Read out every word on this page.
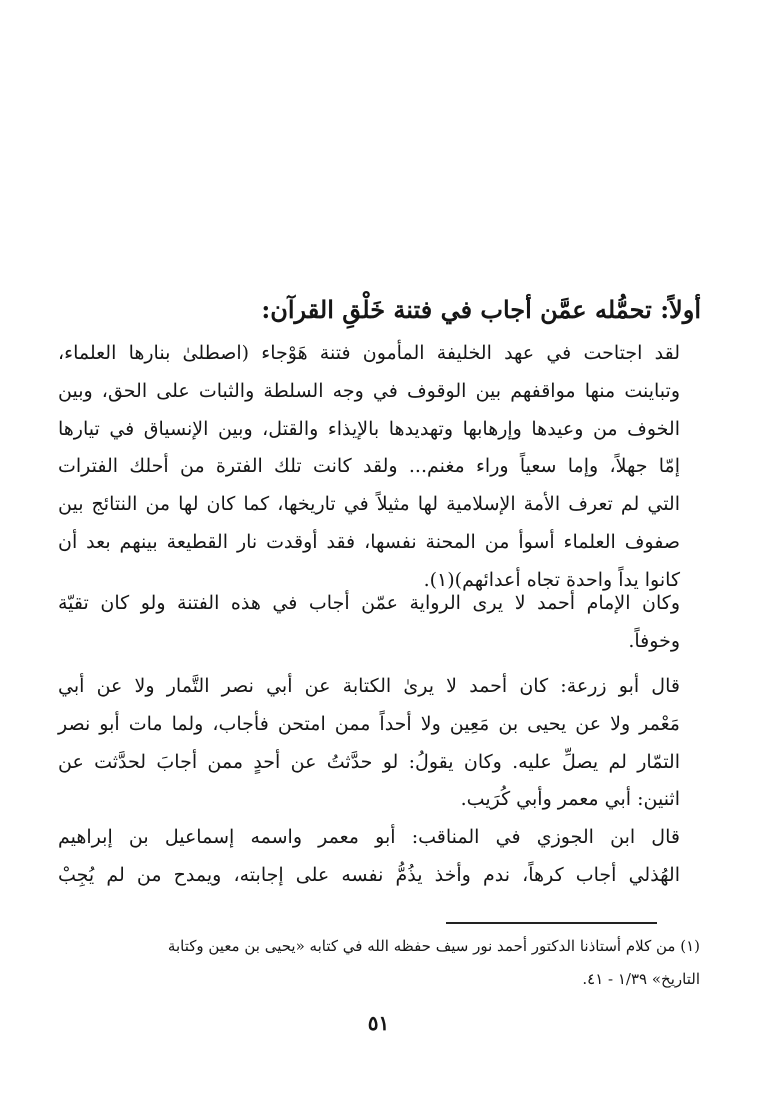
أولاً: تحمُّله عمَّن أجاب في فتنة خَلْقِ القرآن:

لقد اجتاحت في عهد الخليفة المأمون فتنة هَوْجاء (اصطلىٰ بنارها العلماء،
وتباينت منها مواقفهم بين الوقوف في وجه السلطة والثبات على الحق، وبين
الخوف من وعيدها وإرهابها وتهديدها بالإيذاء والقتل، وبين الإنسياق في تيارها
إمّا جهلاً، وإما سعياً وراء مغنم... ولقد كانت تلك الفترة من أحلك الفترات
التي لم تعرف الأمة الإسلامية لها مثيلاً في تاريخها، كما كان لها من النتائج بين
صفوف العلماء أسوأ من المحنة نفسها، فقد أوقدت نار القطيعة بينهم بعد أن
كانوا يداً واحدة تجاه أعدائهم)(١).

وكان الإمام أحمد لا يرى الرواية عمّن أجاب في هذه الفتنة ولو كان تقيّة
وخوفاً.

قال أبو زرعة: كان أحمد لا يرىٰ الكتابة عن أبي نصر التَّمار ولا عن أبي
مَعْمر ولا عن يحيى بن مَعِين ولا أحداً ممن امتحن فأجاب، ولما مات أبو نصر
التمّار لم يصلِّ عليه. وكان يقولُ: لو حدَّثتُ عن أحدٍ ممن أجابَ لحدَّثت عن
اثنين: أبي معمر وأبي كُرَيب.

قال ابن الجوزي في المناقب: أبو معمر واسمه إسماعيل بن إبراهيم
الهُذلي أجاب كرهاً، ندم وأخذ يذُمُّ نفسه على إجابته، ويمدح من لم يُجِبْ

(١) من كلام أستاذنا الدكتور أحمد نور سيف حفظه الله في كتابه «يحيى بن معين وكتابة
التاريخ» ١/٣٩ - ٤١.
٥١
